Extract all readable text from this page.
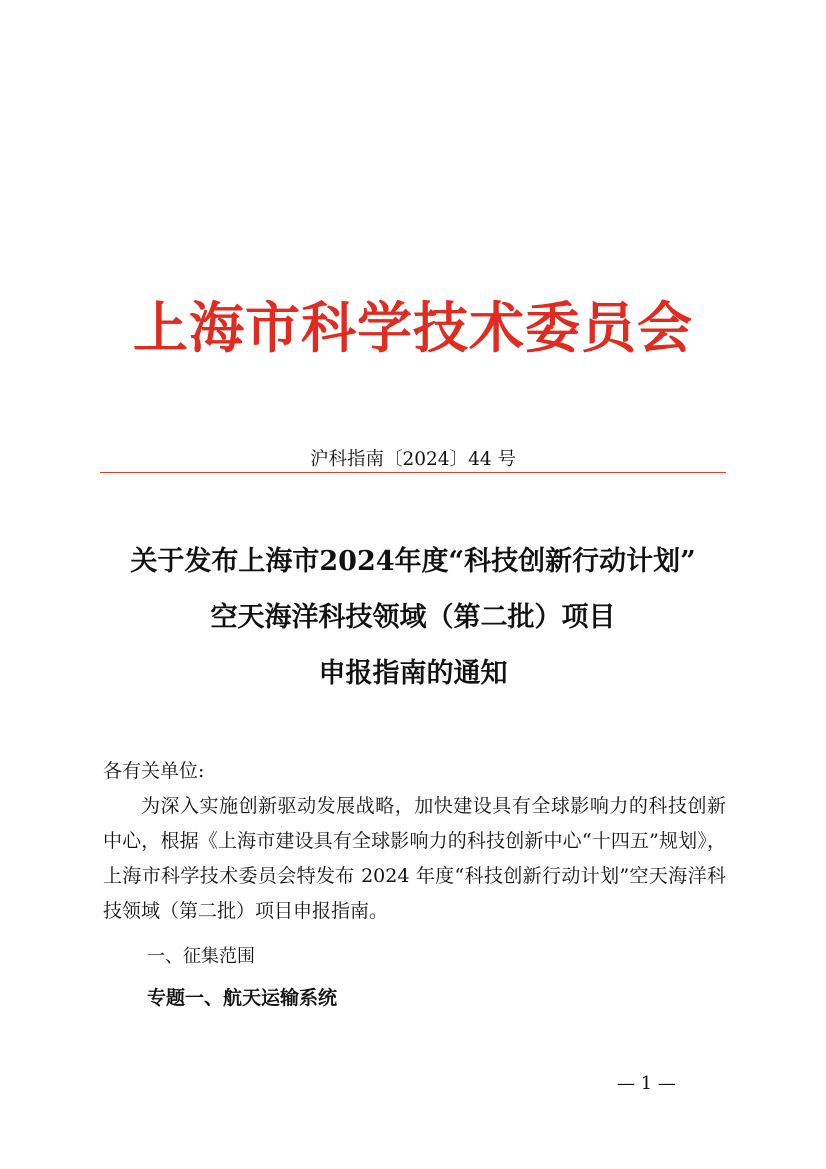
上海市科学技术委员会
沪科指南〔2024〕44 号
关于发布上海市2024年度“科技创新行动计划”
空天海洋科技领域（第二批）项目
申报指南的通知

各有关单位:

为深入实施创新驱动发展战略，加快建设具有全球影响力的科技创新中心，根据《上海市建设具有全球影响力的科技创新中心“十四五”规划》，上海市科学技术委员会特发布 2024 年度“科技创新行动计划”空天海洋科技领域（第二批）项目申报指南。

一、征集范围

专题一、航天运输系统

— 1 —
